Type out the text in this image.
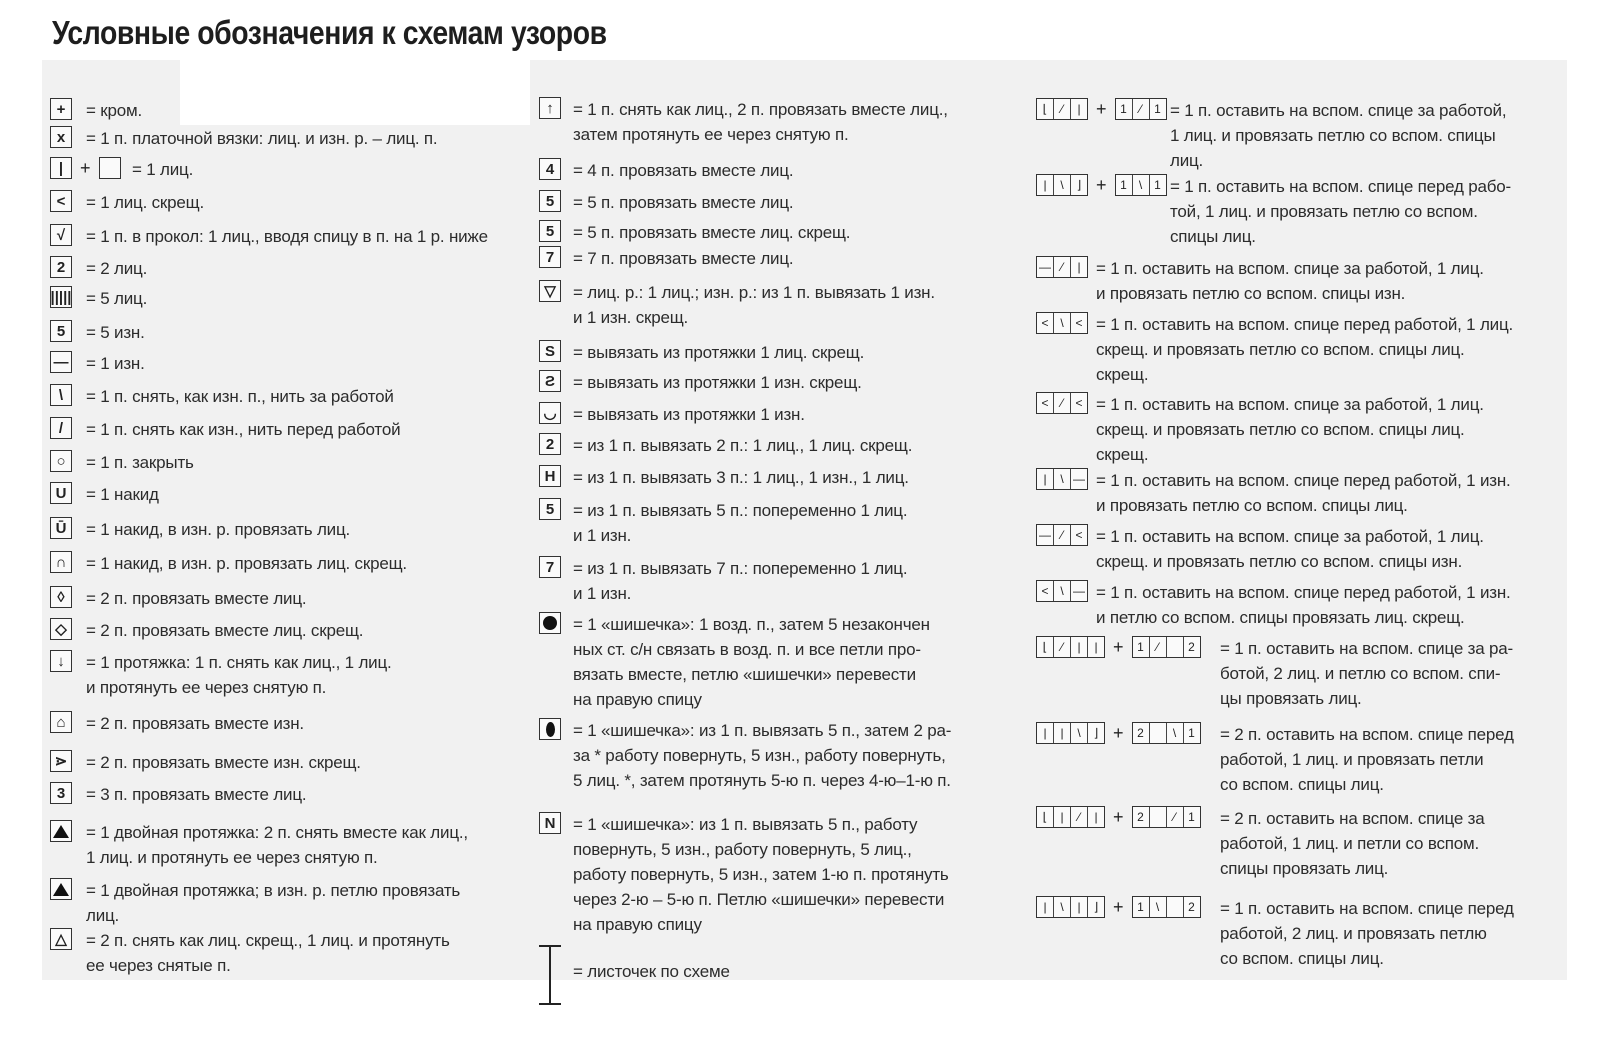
Условные обозначения к схемам узоров
+	= кром.
x	= 1 п. платочной вязки: лиц. и изн. р. – лиц. п.
| + = 1 лиц.
<	= 1 лиц. скрещ.
√	= 1 п. в прокол: 1 лиц., вводя спицу в п. на 1 р. ниже
2	= 2 лиц.
||||| = 5 лиц.
5	= 5 изн.
— = 1 изн.
\	= 1 п. снять, как изн. п., нить за работой
/	= 1 п. снять как изн., нить перед работой
○	= 1 п. закрыть
U	= 1 накид
Ū	= 1 накид, в изн. р. провязать лиц.
∩	= 1 накид, в изн. р. провязать лиц. скрещ.
◊	= 2 п. провязать вместе лиц.
◇	= 2 п. провязать вместе лиц. скрещ.
↓	= 1 протяжка: 1 п. снять как лиц., 1 лиц.
и протянуть ее через снятую п.
⌂	= 2 п. провязать вместе изн.
⋗ = 2 п. провязать вместе изн. скрещ.
3	= 3 п. провязать вместе лиц.
= 1 двойная протяжка: 2 п. снять вместе как лиц.,
1 лиц. и протянуть ее через снятую п.
= 1 двойная протяжка; в изн. р. петлю провязать
лиц.
△	= 2 п. снять как лиц. скрещ., 1 лиц. и протянуть
ее через снятые п.
↑	= 1 п. снять как лиц., 2 п. провязать вместе лиц.,
затем протянуть ее через снятую п.
4	= 4 п. провязать вместе лиц.
5	= 5 п. провязать вместе лиц.
5	= 5 п. провязать вместе лиц. скрещ.
7	= 7 п. провязать вместе лиц.
▽	= лиц. р.: 1 лиц.; изн. р.: из 1 п. вывязать 1 изн.
и 1 изн. скрещ.
S	= вывязать из протяжки 1 лиц. скрещ.
Ƨ	= вывязать из протяжки 1 изн. скрещ.
◡ = вывязать из протяжки 1 изн.
2	= из 1 п. вывязать 2 п.: 1 лиц., 1 лиц. скрещ.
H	= из 1 п. вывязать 3 п.: 1 лиц., 1 изн., 1 лиц.
5	= из 1 п. вывязать 5 п.: попеременно 1 лиц.
и 1 изн.
7	= из 1 п. вывязать 7 п.: попеременно 1 лиц.
и 1 изн.
= 1 «шишечка»: 1 возд. п., затем 5 незакончен
ных ст. с/н связать в возд. п. и все петли про-
вязать вместе, петлю «шишечки» перевести
на правую спицу
= 1 «шишечка»: из 1 п. вывязать 5 п., затем 2 ра-
за * работу повернуть, 5 изн., работу повернуть,
5 лиц. *, затем протянуть 5-ю п. через 4-ю–1-ю п.
N	= 1 «шишечка»: из 1 п. вывязать 5 п., работу
повернуть, 5 изн., работу повернуть, 5 лиц.,
работу повернуть, 5 изн., затем 1-ю п. протянуть
через 2-ю – 5-ю п. Петлю «шишечки» перевести
на правую спицу
= листочек по схеме
⌊	⁄	| +	1	⁄	1 = 1 п. оставить на вспом. спице за работой,
1 лиц. и провязать петлю со вспом. спицы
лиц.
|	\	⌋ +	1 \ 1 = 1 п. оставить на вспом. спице перед рабо-
той, 1 лиц. и провязать петлю со вспом.
спицы лиц.
— ⁄	| = 1 п. оставить на вспом. спице за работой, 1 лиц.
и провязать петлю со вспом. спицы изн.
< \ < = 1 п. оставить на вспом. спице перед работой, 1 лиц.
скрещ. и провязать петлю со вспом. спицы лиц.
скрещ.
<	⁄	< = 1 п. оставить на вспом. спице за работой, 1 лиц.
скрещ. и провязать петлю со вспом. спицы лиц.
скрещ.
|	\ — = 1 п. оставить на вспом. спице перед работой, 1 изн.
и провязать петлю со вспом. спицы лиц.
— ⁄	< = 1 п. оставить на вспом. спице за работой, 1 лиц.
скрещ. и провязать петлю со вспом. спицы изн.
< \ — = 1 п. оставить на вспом. спице перед работой, 1 изн.
и петлю со вспом. спицы провязать лиц. скрещ.
⌊	⁄	|	| +	1	⁄	2 = 1 п. оставить на вспом. спице за ра-
ботой, 2 лиц. и петлю со вспом. спи-
цы провязать лиц.
|	|	\	⌋ +	2	\ 1 = 2 п. оставить на вспом. спице перед
работой, 1 лиц. и провязать петли
со вспом. спицы лиц.
⌊	|	⁄	| +	2	⁄	1 = 2 п. оставить на вспом. спице за
работой, 1 лиц. и петли со вспом.
спицы провязать лиц.
|	\	|	⌋ +	1 \	2 = 1 п. оставить на вспом. спице перед
работой, 2 лиц. и провязать петлю
со вспом. спицы лиц.
